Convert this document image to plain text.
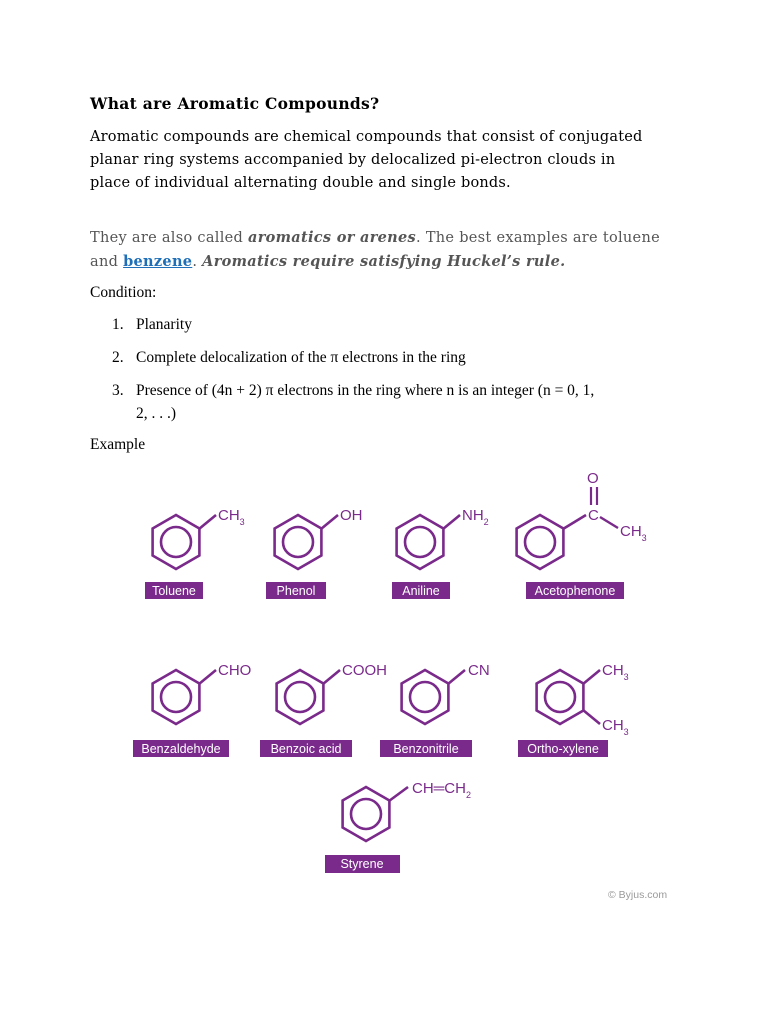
What are Aromatic Compounds?
Aromatic compounds are chemical compounds that consist of conjugated planar ring systems accompanied by delocalized pi-electron clouds in place of individual alternating double and single bonds.
They are also called aromatics or arenes. The best examples are toluene and benzene. Aromatics require satisfying Huckel’s rule.
Condition:
1. Planarity
2. Complete delocalization of the π electrons in the ring
3. Presence of (4n + 2) π electrons in the ring where n is an integer (n = 0, 1,
2, . . .)
Example
$CH_3$
Toluene
OH
Phenol
$NH_2$
Aniline
C
O
$CH_3$
Acetophenone
CHO
Benzaldehyde
COOH
Benzoic acid
CN
Benzonitrile
$CH_3$
$CH_3$
Ortho-xylene
$CH═CH_2$
Styrene
© Byjus.com
